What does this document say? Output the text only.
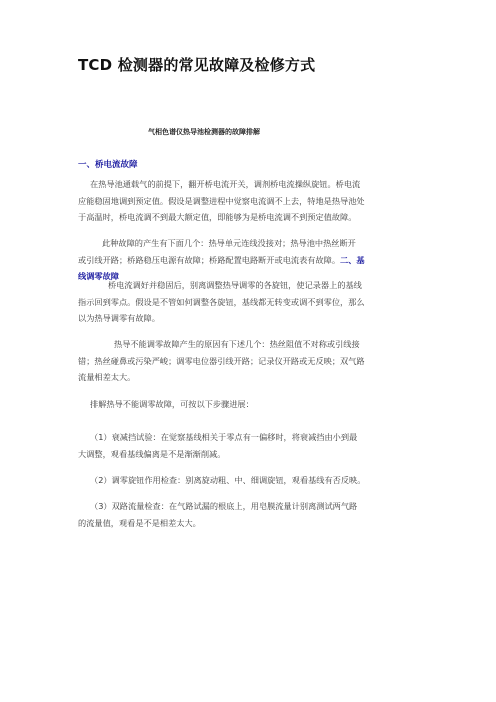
TCD 检测器的常见故障及检修方式
气相色谱仪热导池检测器的故障排解
一、桥电流故障
在热导池通载气的前提下，翻开桥电流开关，调剂桥电流操纵旋钮。桥电流
应能稳固地调到预定值。假设是调整进程中觉察电流调不上去，特地是热导池处
于高温时，桥电流调不到最大额定值，即能够为是桥电流调不到预定值故障。
此种故障的产生有下面几个：热导单元连线没接对；热导池中热丝断开
或引线开路；桥路稳压电源有故障；桥路配置电路断开或电流表有故障。二、基
线调零故障
桥电流调好并稳固后，别离调整热导调零的各旋钮，使记录器上的基线
指示回到零点。假设是不管如何调整各旋钮，基线都无转变或调不到零位，那么
以为热导调零有故障。
热导不能调零故障产生的原因有下述几个：热丝阻值不对称或引线接
错；热丝碰鼻或污染严峻；调零电位器引线开路；记录仪开路或无反映；双气路
流量相差太大。
排解热导不能调零故障，可按以下步骤进展：
（1）衰减挡试验：在觉察基线相关于零点有一偏移时，将衰减挡由小到最
大调整，观看基线偏离是不是渐渐削减。
（2）调零旋钮作用检查：别离旋动粗、中、细调旋钮，观看基线有否反映。
（3）双路流量检查：在气路试漏的根底上，用皂膜流量计别离测试两气路
的流量值，观看是不是相差太大。
